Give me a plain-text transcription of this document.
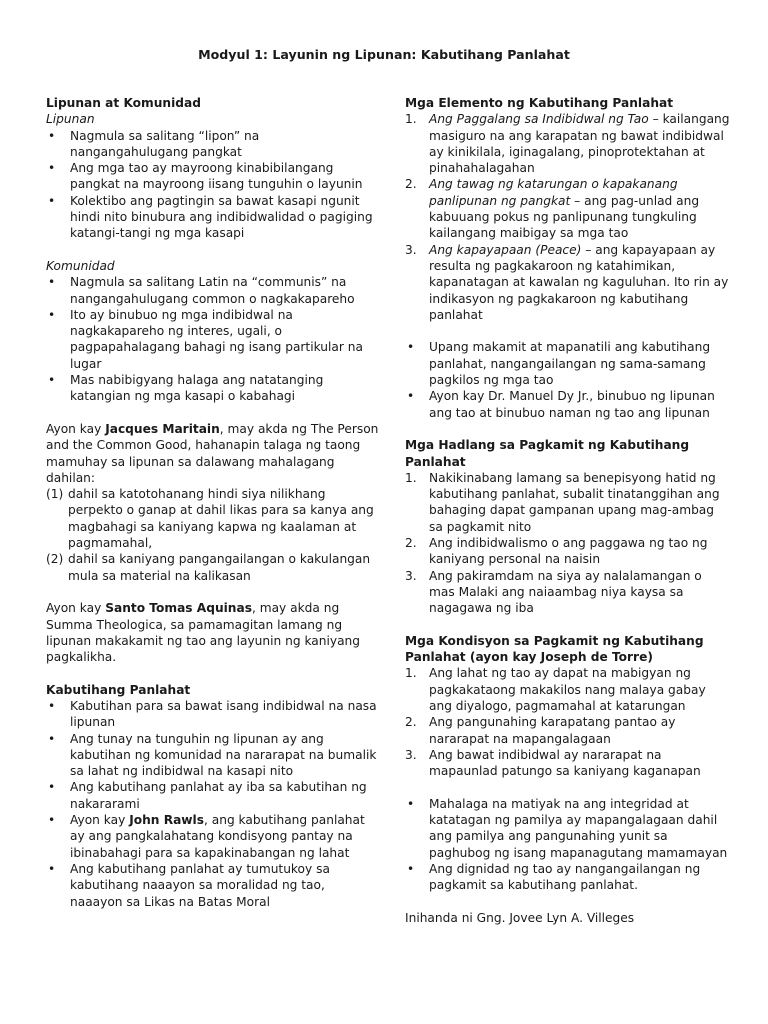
Modyul 1: Layunin ng Lipunan: Kabutihang Panlahat
Lipunan at Komunidad

Lipunan

• Nagmula sa salitang “lipon” na nangangahulugang pangkat
• Ang mga tao ay mayroong kinabibilangang pangkat na mayroong iisang tunguhin o layunin
• Kolektibo ang pagtingin sa bawat kasapi ngunit hindi nito binubura ang indibidwalidad o pagiging katangi-tangi ng mga kasapi

Komunidad

• Nagmula sa salitang Latin na “communis” na nangangahulugang common o nagkakapareho
• Ito ay binubuo ng mga indibidwal na nagkakapareho ng interes, ugali, o pagpapahalagang bahagi ng isang partikular na lugar
• Mas nabibigyang halaga ang natatanging katangian ng mga kasapi o kabahagi

Ayon kay Jacques Maritain, may akda ng The Person and the Common Good, hahanapin talaga ng taong mamuhay sa lipunan sa dalawang mahalagang dahilan:

(1) dahil sa katotohanang hindi siya nilikhang perpekto o ganap at dahil likas para sa kanya ang magbahagi sa kaniyang kapwa ng kaalaman at pagmamahal,
(2) dahil sa kaniyang pangangailangan o kakulangan mula sa material na kalikasan

Ayon kay Santo Tomas Aquinas, may akda ng Summa Theologica, sa pamamagitan lamang ng lipunan makakamit ng tao ang layunin ng kaniyang pagkalikha.

Kabutihang Panlahat
• Kabutihan para sa bawat isang indibidwal na nasa lipunan
• Ang tunay na tunguhin ng lipunan ay ang kabutihan ng komunidad na nararapat na bumalik sa lahat ng indibidwal na kasapi nito
• Ang kabutihang panlahat ay iba sa kabutihan ng nakararami
• Ayon kay John Rawls, ang kabutihang panlahat ay ang pangkalahatang kondisyong pantay na ibinabahagi para sa kapakinabangan ng lahat
• Ang kabutihang panlahat ay tumutukoy sa kabutihang naaayon sa moralidad ng tao, naaayon sa Likas na Batas Moral
Mga Elemento ng Kabutihang Panlahat
1. Ang Paggalang sa Indibidwal ng Tao – kailangang masiguro na ang karapatan ng bawat indibidwal ay kinikilala, iginagalang, pinoprotektahan at pinahahalagahan
2. Ang tawag ng katarungan o kapakanang panlipunan ng pangkat – ang pag-unlad ang kabuuang pokus ng panlipunang tungkuling kailangang maibigay sa mga tao
3. Ang kapayapaan (Peace) – ang kapayapaan ay resulta ng pagkakaroon ng katahimikan, kapanatagan at kawalan ng kaguluhan. Ito rin ay indikasyon ng pagkakaroon ng kabutihang panlahat
• Upang makamit at mapanatili ang kabutihang panlahat, nangangailangan ng sama-samang pagkilos ng mga tao
• Ayon kay Dr. Manuel Dy Jr., binubuo ng lipunan ang tao at binubuo naman ng tao ang lipunan
Mga Hadlang sa Pagkamit ng Kabutihang Panlahat
1. Nakikinabang lamang sa benepisyong hatid ng kabutihang panlahat, subalit tinatanggihan ang bahaging dapat gampanan upang mag-ambag sa pagkamit nito
2. Ang indibidwalismo o ang paggawa ng tao ng kaniyang personal na naisin
3. Ang pakiramdam na siya ay nalalamangan o mas Malaki ang naiaambag niya kaysa sa nagagawa ng iba
Mga Kondisyon sa Pagkamit ng Kabutihang Panlahat (ayon kay Joseph de Torre)
1. Ang lahat ng tao ay dapat na mabigyan ng pagkakataong makakilos nang malaya gabay ang diyalogo, pagmamahal at katarungan
2. Ang pangunahing karapatang pantao ay nararapat na mapangalagaan
3. Ang bawat indibidwal ay nararapat na mapaunlad patungo sa kaniyang kaganapan
• Mahalaga na matiyak na ang integridad at katatagan ng pamilya ay mapangalagaan dahil ang pamilya ang pangunahing yunit sa paghubog ng isang mapanagutang mamamayan
• Ang dignidad ng tao ay nangangailangan ng pagkamit sa kabutihang panlahat.

Inihanda ni Gng. Jovee Lyn A. Villeges
